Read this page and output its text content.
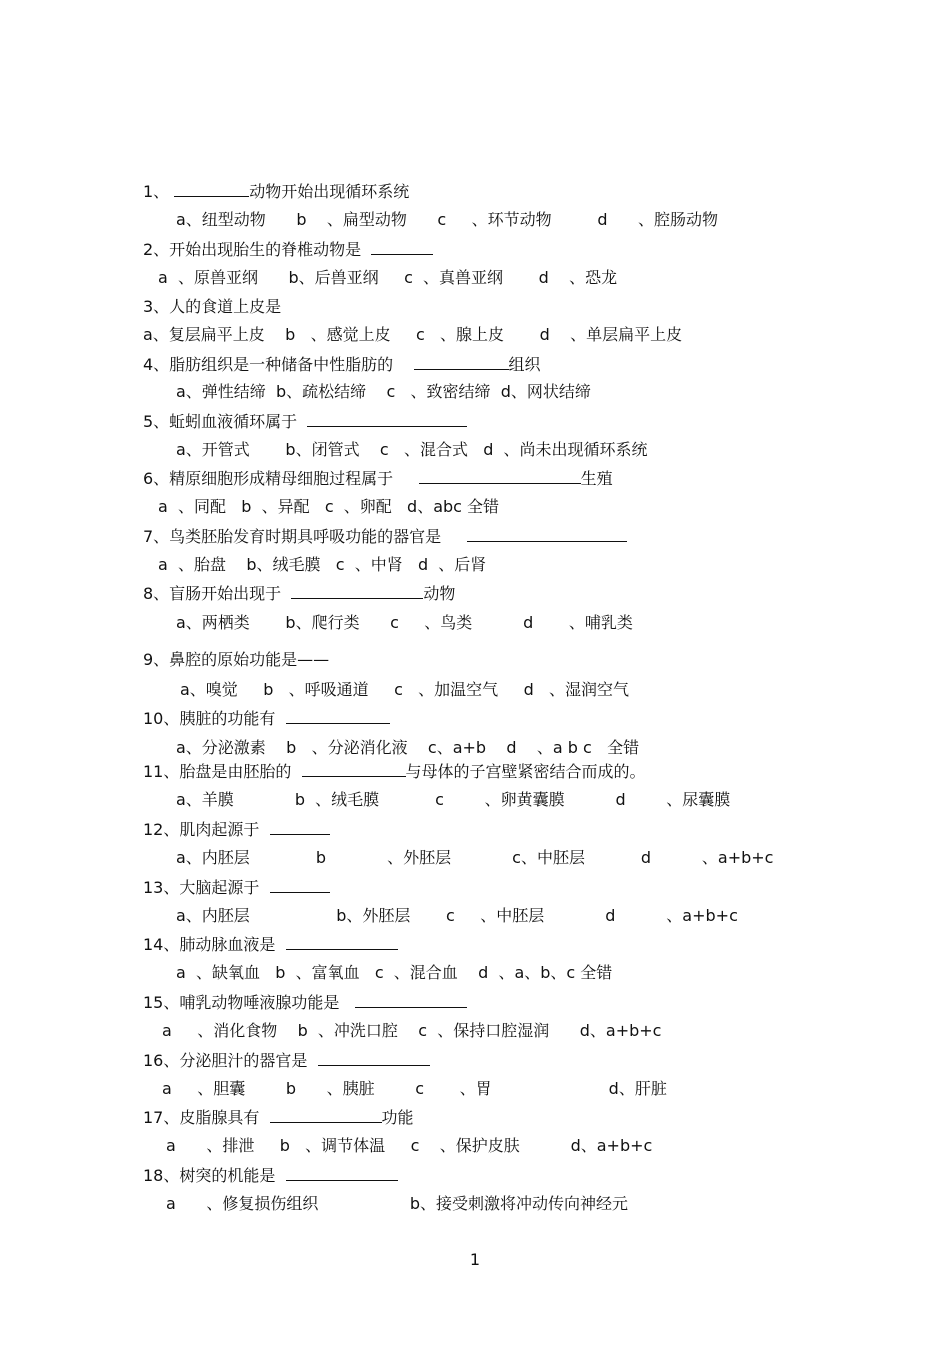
1、	动物开始出现循环系统
a、纽型动物      b    、扁型动物      c     、环节动物         d      、腔肠动物
2、开始出现胎生的脊椎动物是
a  、原兽亚纲      b、后兽亚纲     c  、真兽亚纲       d    、恐龙
3、人的食道上皮是
a、复层扁平上皮    b   、感觉上皮     c   、腺上皮       d    、单层扁平上皮
4、脂肪组织是一种储备中性脂肪的	组织
a、弹性结缔  b、疏松结缔    c   、致密结缔  d、网状结缔
5、蚯蚓血液循环属于
a、开管式       b、闭管式    c   、混合式   d  、尚未出现循环系统
6、精原细胞形成精母细胞过程属于	生殖
a  、同配   b  、异配   c  、卵配   d、abc 全错
7、鸟类胚胎发育时期具呼吸功能的器官是
a  、胎盘    b、绒毛膜   c  、中肾   d  、后肾
8、盲肠开始出现于	动物
a、两栖类       b、爬行类      c     、鸟类          d       、哺乳类
9、鼻腔的原始功能是——
a、嗅觉     b   、呼吸通道     c   、加温空气     d   、湿润空气
10、胰脏的功能有
a、分泌激素    b   、分泌消化液    c、a+b    d    、a b c   全错
11、胎盘是由胚胎的	与母体的子宫壁紧密结合而成的。
a、羊膜            b  、绒毛膜           c        、卵黄囊膜          d        、尿囊膜
12、肌肉起源于
a、内胚层             b            、外胚层            c、中胚层           d          、a+b+c
13、大脑起源于
a、内胚层                 b、外胚层       c     、中胚层            d          、a+b+c
14、肺动脉血液是
a  、缺氧血   b  、富氧血   c  、混合血    d  、a、b、c 全错
15、哺乳动物唾液腺功能是
a     、消化食物    b  、冲洗口腔    c  、保持口腔湿润      d、a+b+c
16、分泌胆汁的器官是
a     、胆囊        b      、胰脏        c       、胃                       d、肝脏
17、皮脂腺具有	功能
a      、排泄     b   、调节体温     c    、保护皮肤          d、a+b+c
18、树突的机能是
a      、修复损伤组织                  b、接受刺激将冲动传向神经元
1
